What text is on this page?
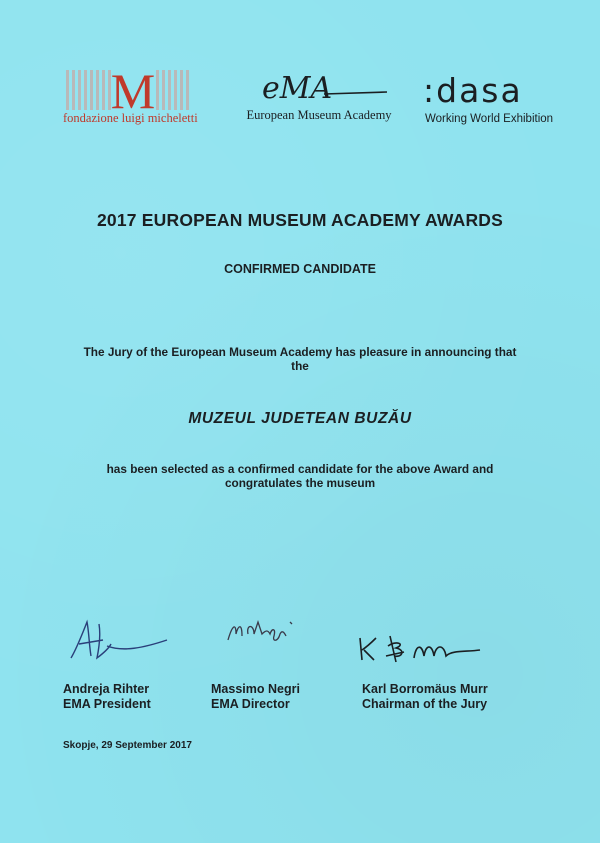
M
fondazione luigi micheletti
eMA
European Museum Academy
:dasa
Working World Exhibition
2017 EUROPEAN MUSEUM ACADEMY AWARDS
CONFIRMED CANDIDATE
The Jury of the European Museum Academy has pleasure in announcing that
the
MUZEUL JUDETEAN BUZĂU
has been selected as a confirmed candidate for the above Award and
congratulates the museum
Andreja Rihter
EMA President
Massimo Negri
EMA Director
Karl Borromäus Murr
Chairman of the Jury
Skopje, 29 September 2017
